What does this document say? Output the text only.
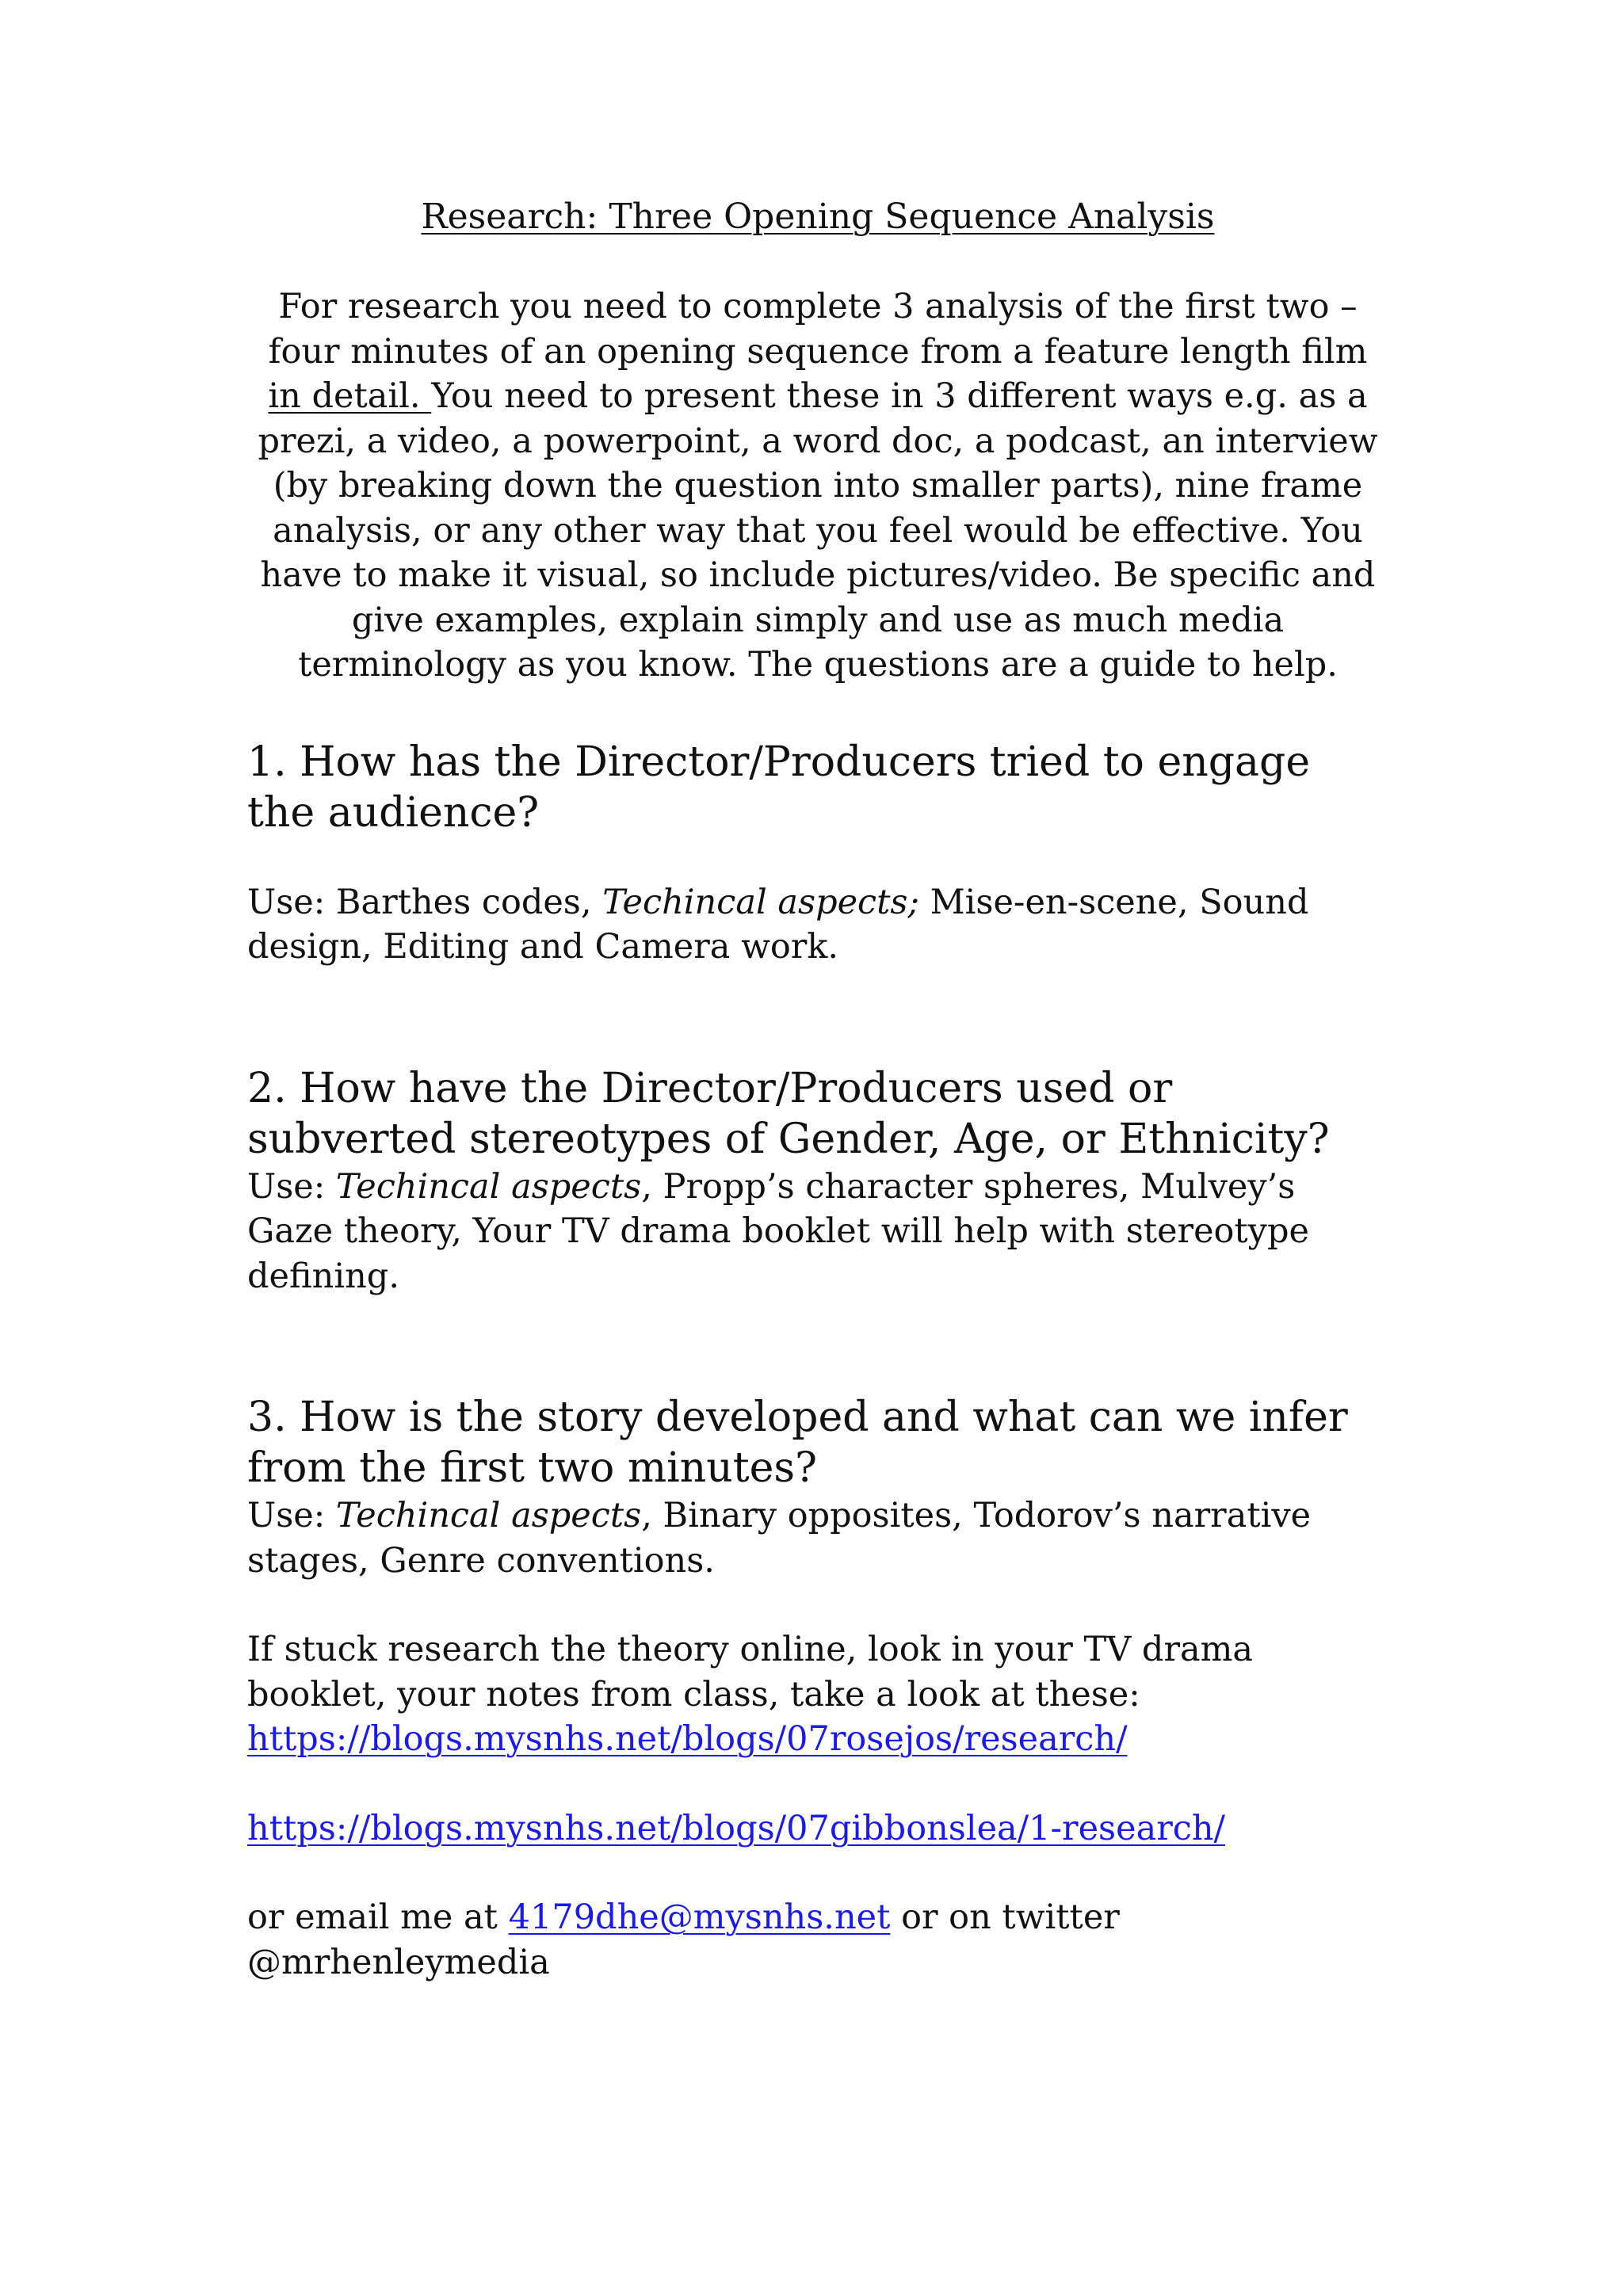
Research: Three Opening Sequence Analysis

For research you need to complete 3 analysis of the first two – four minutes of an opening sequence from a feature length film in detail. You need to present these in 3 different ways e.g. as a prezi, a video, a powerpoint, a word doc, a podcast, an interview (by breaking down the question into smaller parts), nine frame analysis, or any other way that you feel would be effective. You have to make it visual, so include pictures/video. Be specific and give examples, explain simply and use as much media terminology as you know. The questions are a guide to help.

1. How has the Director/Producers tried to engage the audience?

Use: Barthes codes, Techincal aspects; Mise-en-scene, Sound design, Editing and Camera work.

2. How have the Director/Producers used or subverted stereotypes of Gender, Age, or Ethnicity?

Use: Techincal aspects, Propp’s character spheres, Mulvey’s Gaze theory, Your TV drama booklet will help with stereotype defining.

3. How is the story developed and what can we infer from the first two minutes?

Use: Techincal aspects, Binary opposites, Todorov’s narrative stages, Genre conventions.

If stuck research the theory online, look in your TV drama booklet, your notes from class, take a look at these:

https://blogs.mysnhs.net/blogs/07rosejos/research/

https://blogs.mysnhs.net/blogs/07gibbonslea/1-research/

or email me at 4179dhe@mysnhs.net or on twitter @mrhenleymedia
